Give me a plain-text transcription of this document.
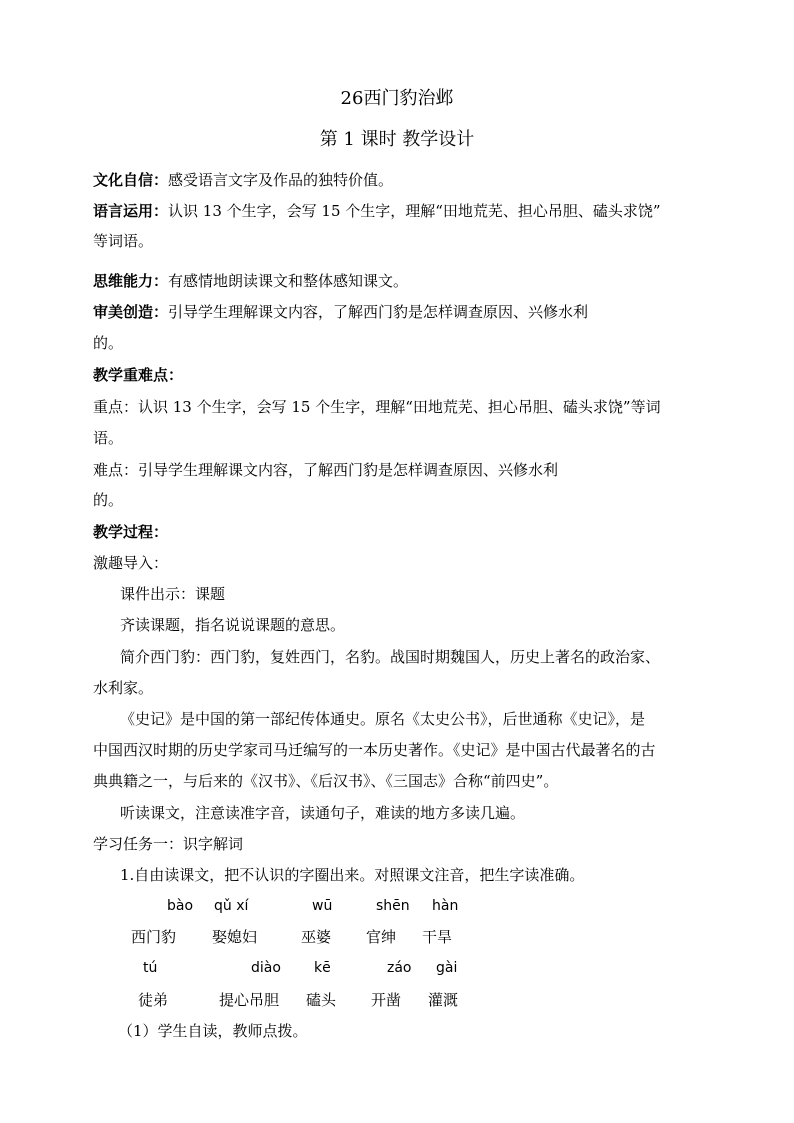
26西门豹治邺
第 1 课时 教学设计
文化自信：感受语言文字及作品的独特价值。
语言运用：认识 13 个生字，会写 15 个生字，理解“田地荒芜、担心吊胆、磕头求饶”
等词语。
思维能力：有感情地朗读课文和整体感知课文。
审美创造：引导学生理解课文内容，了解西门豹是怎样调查原因、兴修水利
的。
教学重难点：
重点：认识 13 个生字，会写 15 个生字，理解“田地荒芜、担心吊胆、磕头求饶”等词
语。
难点：引导学生理解课文内容，了解西门豹是怎样调查原因、兴修水利
的。
教学过程：
激趣导入：
课件出示：课题
齐读课题，指名说说课题的意思。
简介西门豹：西门豹，复姓西门，名豹。战国时期魏国人，历史上著名的政治家、
水利家。
《史记》是中国的第一部纪传体通史。原名《太史公书》，后世通称《史记》，是
中国西汉时期的历史学家司马迁编写的一本历史著作。《史记》是中国古代最著名的古
典典籍之一，与后来的《汉书》、《后汉书》、《三国志》合称“前四史”。
听读课文，注意读准字音，读通句子，难读的地方多读几遍。
学习任务一：识字解词
1.自由读课文，把不认识的字圈出来。对照课文注音，把生字读准确。
bào qǔ xí	wū	shēn hàn
西门豹 娶媳妇	巫婆 官绅 干旱
tú	diào kē	záo gài
徒弟	提心吊胆 磕头 开凿 灌溉
（1）学生自读，教师点拨。
